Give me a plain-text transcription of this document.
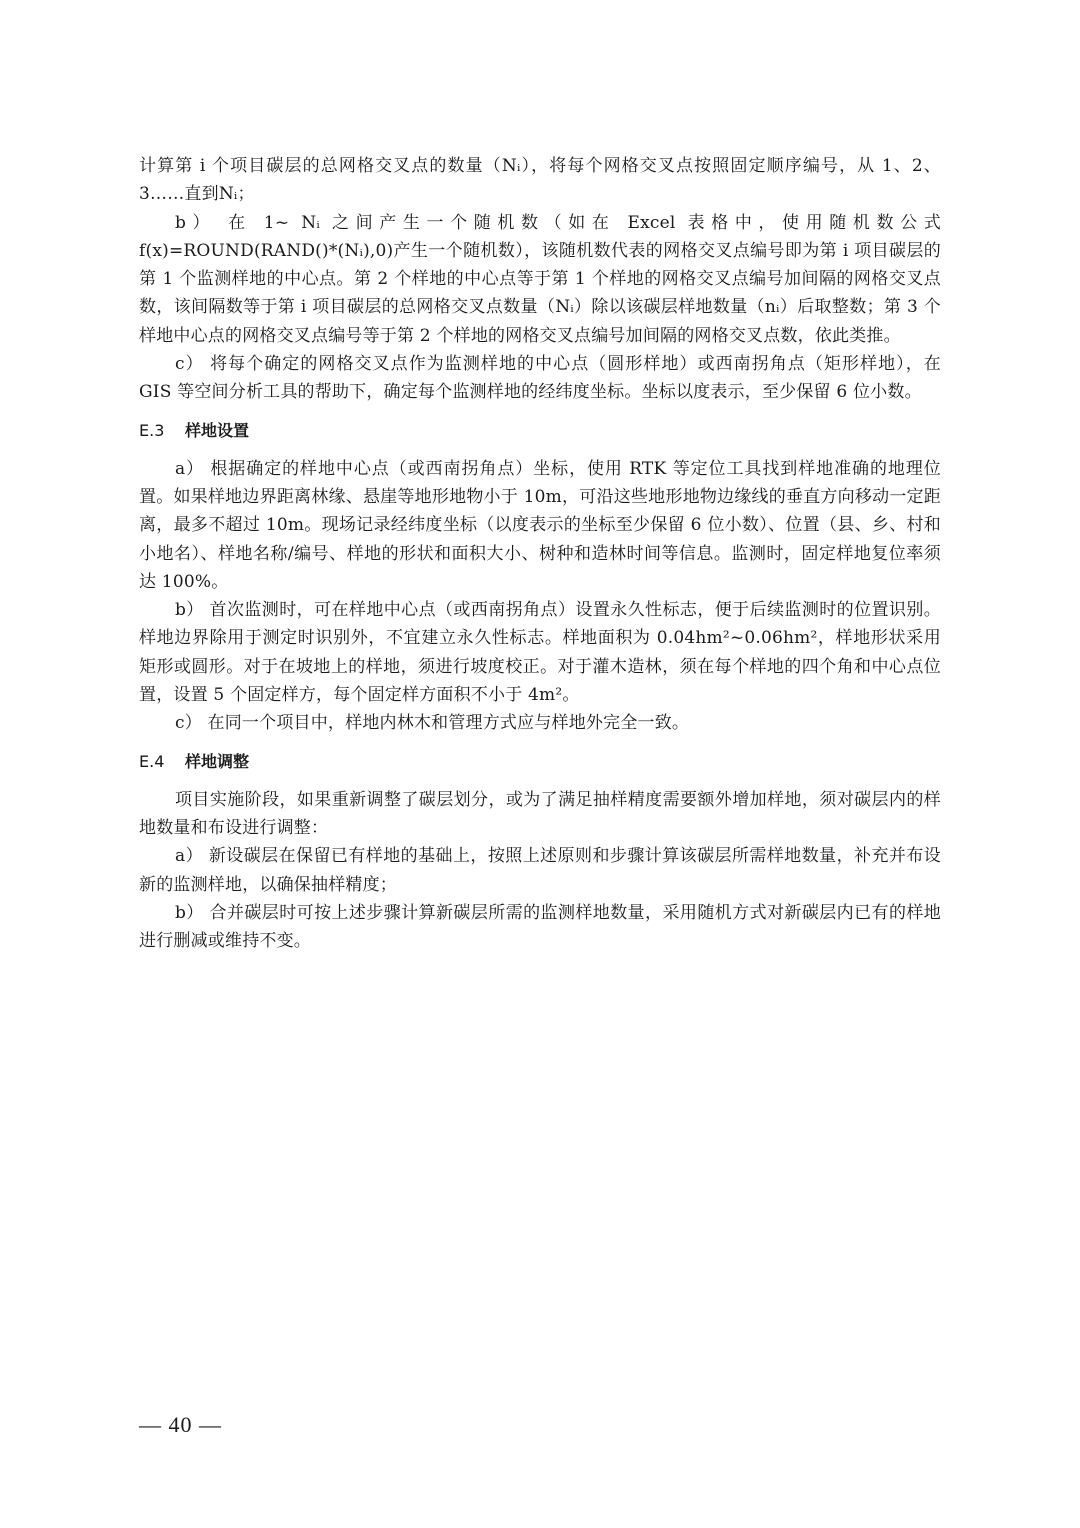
计算第 i 个项目碳层的总网格交叉点的数量（Nᵢ），将每个网格交叉点按照固定顺序编号，从 1、2、3……直到Nᵢ；

b） 在 1~ Nᵢ 之间产生一个随机数（如在 Excel 表格中，使用随机数公式 f(x)=ROUND(RAND()*(Nᵢ),0)产生一个随机数），该随机数代表的网格交叉点编号即为第 i 项目碳层的第 1 个监测样地的中心点。第 2 个样地的中心点等于第 1 个样地的网格交叉点编号加间隔的网格交叉点数，该间隔数等于第 i 项目碳层的总网格交叉点数量（Nᵢ）除以该碳层样地数量（nᵢ）后取整数；第 3 个样地中心点的网格交叉点编号等于第 2 个样地的网格交叉点编号加间隔的网格交叉点数，依此类推。

c） 将每个确定的网格交叉点作为监测样地的中心点（圆形样地）或西南拐角点（矩形样地），在 GIS 等空间分析工具的帮助下，确定每个监测样地的经纬度坐标。坐标以度表示，至少保留 6 位小数。

E.3 样地设置

a） 根据确定的样地中心点（或西南拐角点）坐标，使用 RTK 等定位工具找到样地准确的地理位置。如果样地边界距离林缘、悬崖等地形地物小于 10m，可沿这些地形地物边缘线的垂直方向移动一定距离，最多不超过 10m。现场记录经纬度坐标（以度表示的坐标至少保留 6 位小数）、位置（县、乡、村和小地名）、样地名称/编号、样地的形状和面积大小、树种和造林时间等信息。监测时，固定样地复位率须达 100%。

b） 首次监测时，可在样地中心点（或西南拐角点）设置永久性标志，便于后续监测时的位置识别。样地边界除用于测定时识别外，不宜建立永久性标志。样地面积为 0.04hm²~0.06hm²，样地形状采用矩形或圆形。对于在坡地上的样地，须进行坡度校正。对于灌木造林，须在每个样地的四个角和中心点位置，设置 5 个固定样方，每个固定样方面积不小于 4m²。

c） 在同一个项目中，样地内林木和管理方式应与样地外完全一致。

E.4 样地调整

项目实施阶段，如果重新调整了碳层划分，或为了满足抽样精度需要额外增加样地，须对碳层内的样地数量和布设进行调整：

a） 新设碳层在保留已有样地的基础上，按照上述原则和步骤计算该碳层所需样地数量，补充并布设新的监测样地，以确保抽样精度；

b） 合并碳层时可按上述步骤计算新碳层所需的监测样地数量，采用随机方式对新碳层内已有的样地进行删减或维持不变。

— 40 —
